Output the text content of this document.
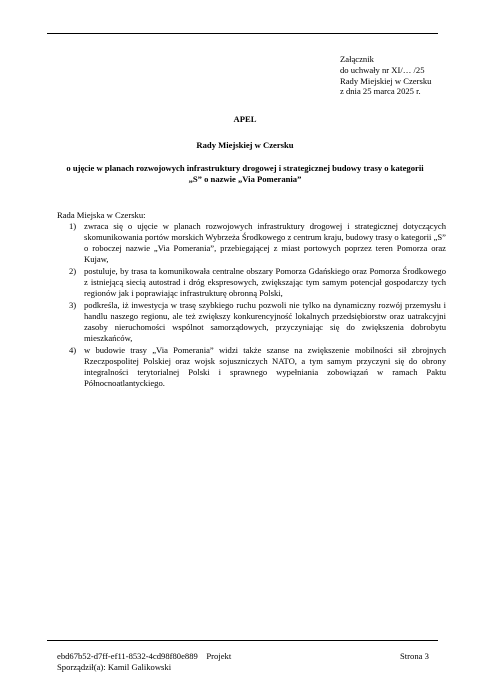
Załącznik
do uchwały nr XI/… /25
Rady Miejskiej w Czersku
z dnia 25 marca 2025 r.
APEL
Rady Miejskiej w Czersku
o ujęcie w planach rozwojowych infrastruktury drogowej i strategicznej budowy trasy o kategorii
„S” o nazwie „Via Pomerania”
Rada Miejska w Czersku:
1) zwraca się o ujęcie w planach rozwojowych infrastruktury drogowej i strategicznej dotyczących skomunikowania portów morskich Wybrzeża Środkowego z centrum kraju, budowy trasy o kategorii „S” o roboczej nazwie „Via Pomerania”, przebiegającej z miast portowych poprzez teren Pomorza oraz Kujaw,
2) postuluje, by trasa ta komunikowała centralne obszary Pomorza Gdańskiego oraz Pomorza Środkowego z istniejącą siecią autostrad i dróg ekspresowych, zwiększając tym samym potencjał gospodarczy tych regionów jak i poprawiając infrastrukturę obronną Polski,
3) podkreśla, iż inwestycja w trasę szybkiego ruchu pozwoli nie tylko na dynamiczny rozwój przemysłu i handlu naszego regionu, ale też zwiększy konkurencyjność lokalnych przedsiębiorstw oraz uatrakcyjni zasoby nieruchomości wspólnot samorządowych, przyczyniając się do zwiększenia dobrobytu mieszkańców,
4) w budowie trasy „Via Pomerania” widzi także szanse na zwiększenie mobilności sił zbrojnych Rzeczpospolitej Polskiej oraz wojsk sojuszniczych NATO, a tym samym przyczyni się do obrony integralności terytorialnej Polski i sprawnego wypełniania zobowiązań w ramach Paktu Północnoatlantyckiego.
ebd67b52-d7ff-ef11-8532-4cd98f80e889 Projekt
Sporządził(a): Kamil Galikowski
Strona 3
